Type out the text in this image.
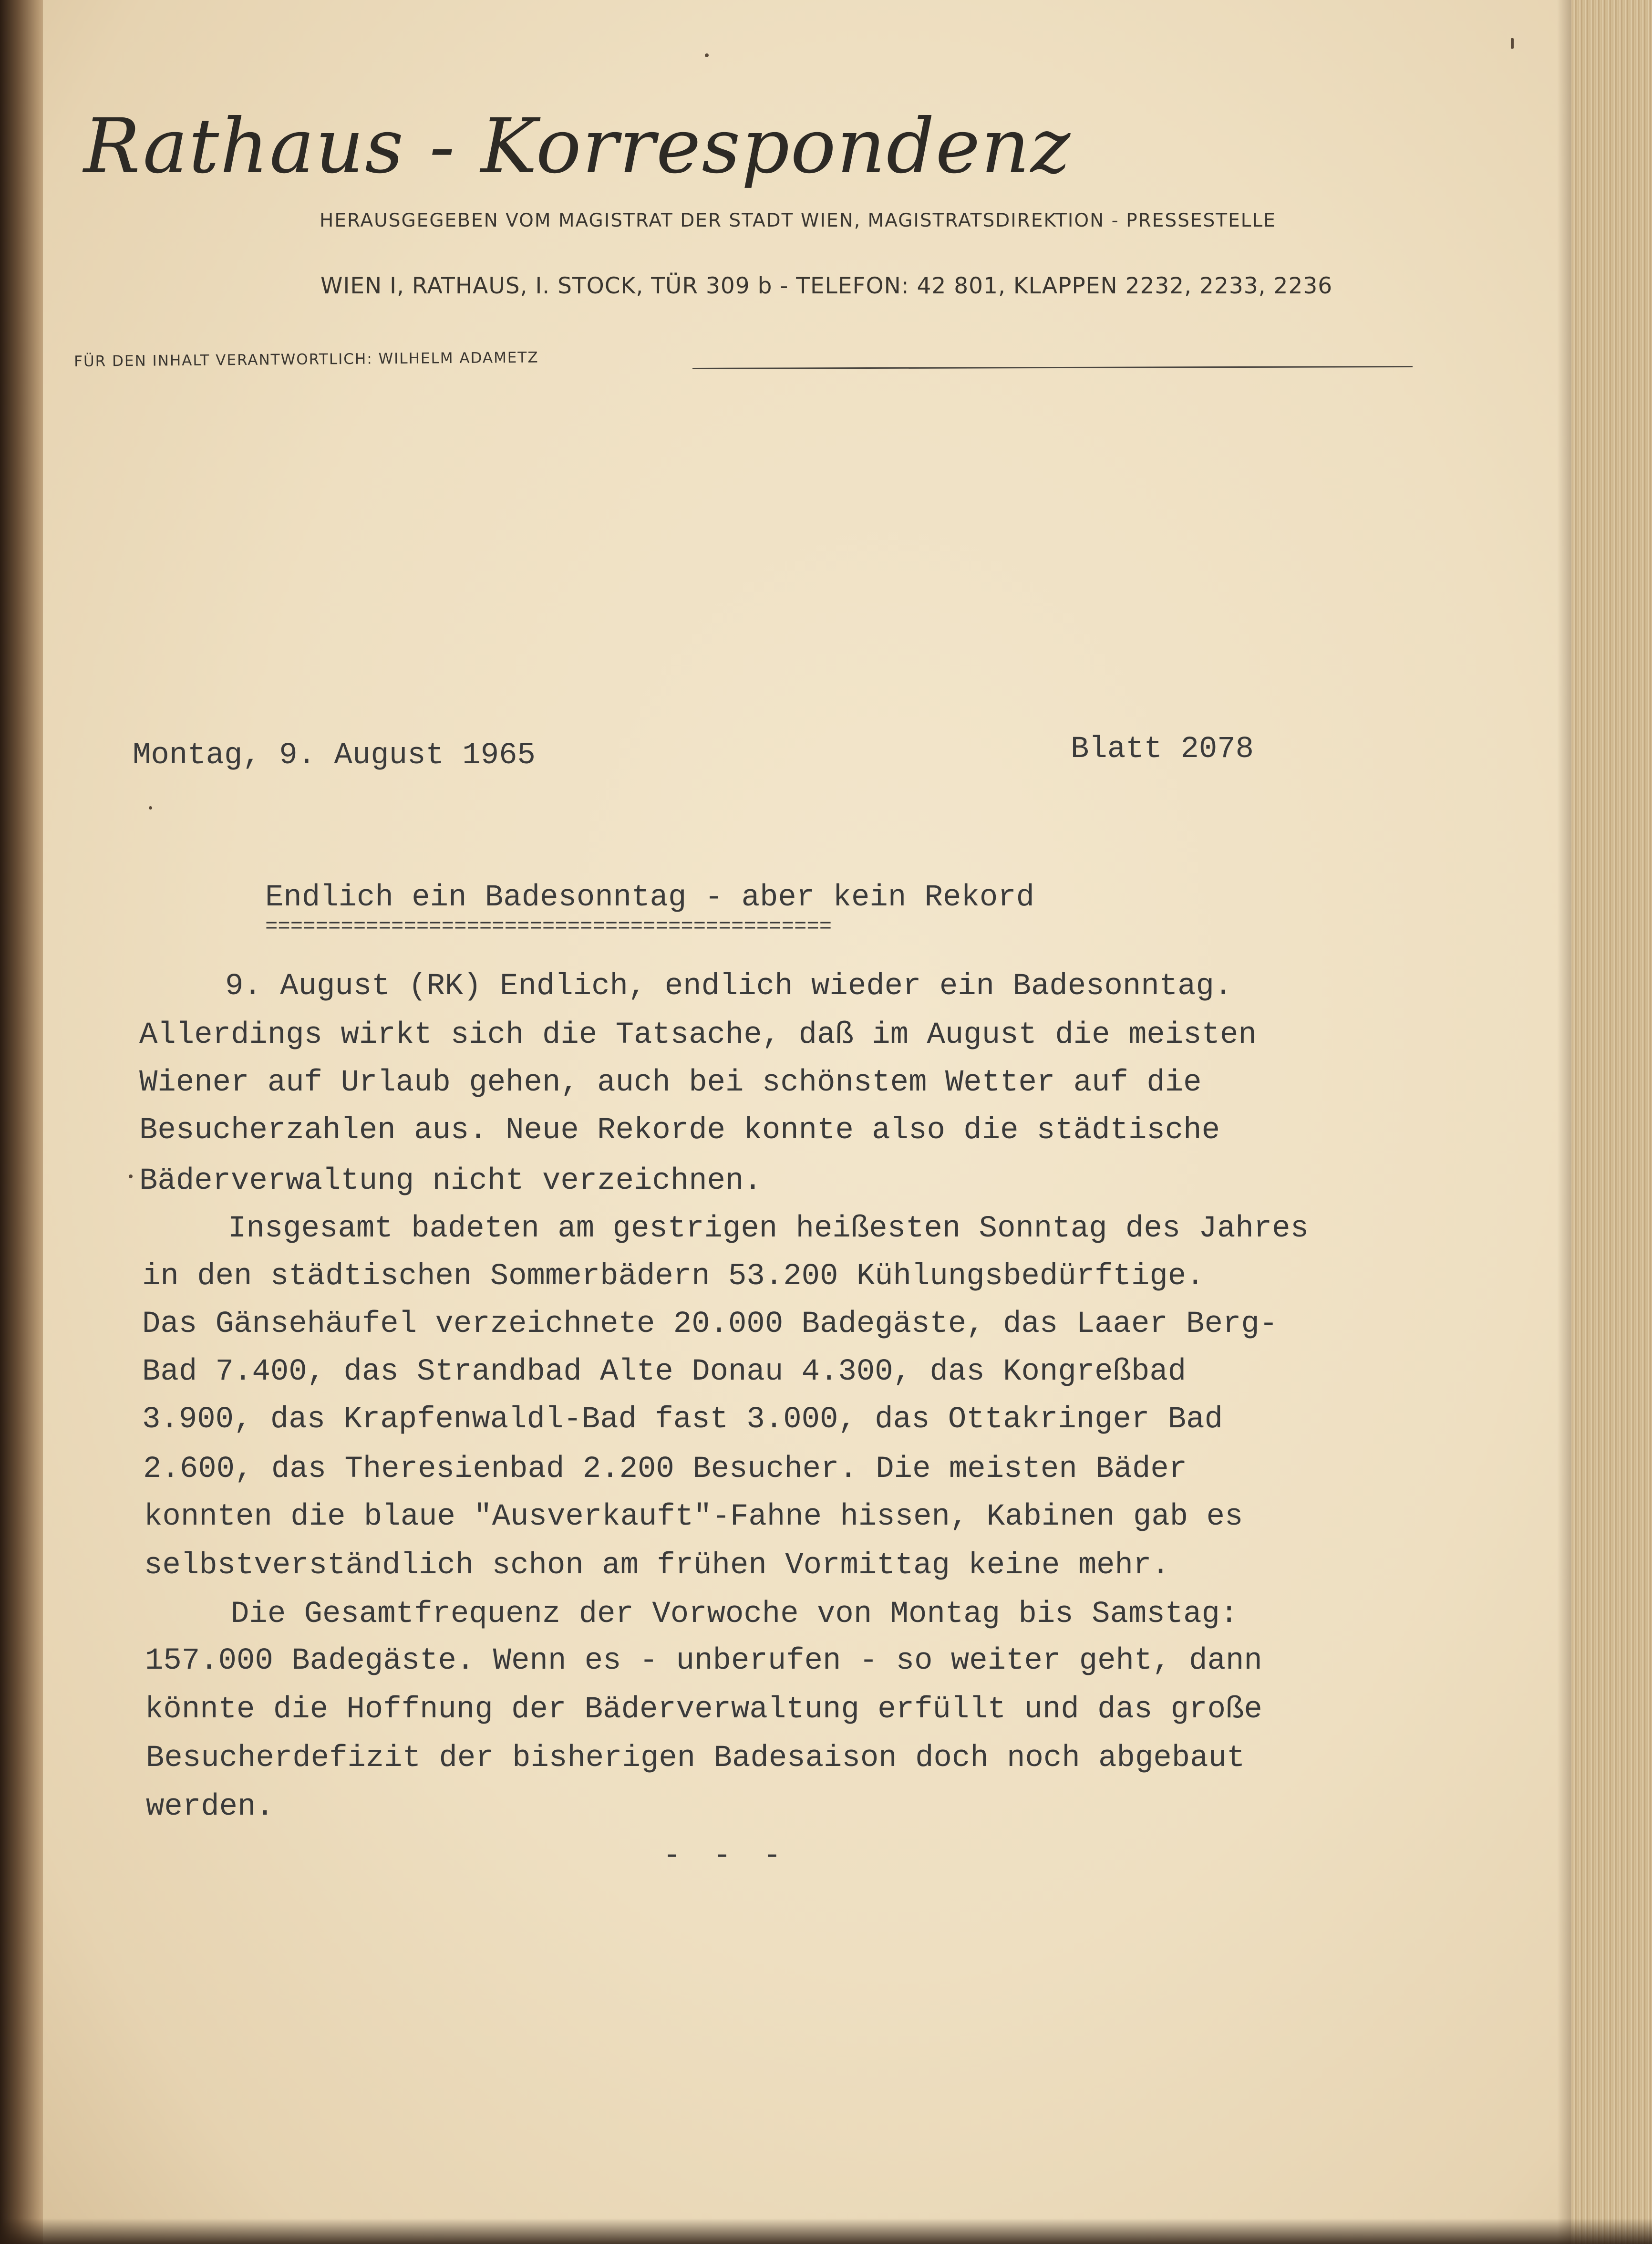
Rathaus - Korrespondenz
HERAUSGEGEBEN VOM MAGISTRAT DER STADT WIEN, MAGISTRATSDIREKTION - PRESSESTELLE
WIEN I, RATHAUS, I. STOCK, TÜR 309 b - TELEFON: 42 801, KLAPPEN 2232, 2233, 2236
FÜR DEN INHALT VERANTWORTLICH: WILHELM ADAMETZ
Montag, 9. August 1965	Blatt 2078
Endlich ein Badesonntag - aber kein Rekord
=============================================
9. August (RK) Endlich, endlich wieder ein Badesonntag.
Allerdings wirkt sich die Tatsache, daß im August die meisten
Wiener auf Urlaub gehen, auch bei schönstem Wetter auf die
Besucherzahlen aus. Neue Rekorde konnte also die städtische
Bäderverwaltung nicht verzeichnen.
Insgesamt badeten am gestrigen heißesten Sonntag des Jahres
in den städtischen Sommerbädern 53.200 Kühlungsbedürftige.
Das Gänsehäufel verzeichnete 20.000 Badegäste, das Laaer Berg-
Bad 7.400, das Strandbad Alte Donau 4.300, das Kongreßbad
3.900, das Krapfenwaldl-Bad fast 3.000, das Ottakringer Bad
2.600, das Theresienbad 2.200 Besucher. Die meisten Bäder
konnten die blaue "Ausverkauft"-Fahne hissen, Kabinen gab es
selbstverständlich schon am frühen Vormittag keine mehr.
Die Gesamtfrequenz der Vorwoche von Montag bis Samstag:
157.000 Badegäste. Wenn es - unberufen - so weiter geht, dann
könnte die Hoffnung der Bäderverwaltung erfüllt und das große
Besucherdefizit der bisherigen Badesaison doch noch abgebaut
werden.
- - -
